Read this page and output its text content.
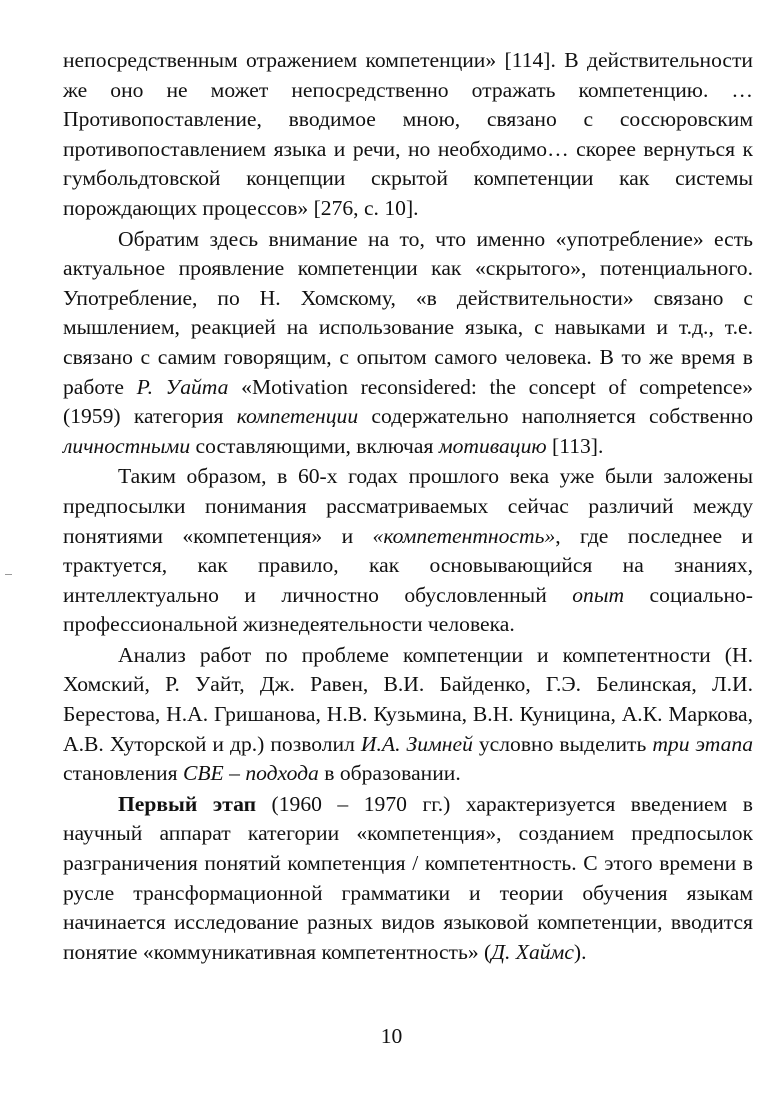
непосредственным отражением компетенции» [114]. В действительности же оно не может непосредственно отражать компетенцию. …Противопоставление, вводимое мною, связано с соссюровским противопоставлением языка и речи, но необходимо… скорее вернуться к гумбольдтовской концепции скрытой компетенции как системы порождающих процессов» [276, с. 10].

Обратим здесь внимание на то, что именно «употребление» есть актуальное проявление компетенции как «скрытого», потенциального. Употребление, по Н. Хомскому, «в действительности» связано с мышлением, реакцией на использование языка, с навыками и т.д., т.е. связано с самим говорящим, с опытом самого человека. В то же время в работе Р. Уайта «Motivation reconsidered: the concept of competence» (1959) категория компетенции содержательно наполняется собственно личностными составляющими, включая мотивацию [113].

Таким образом, в 60-х годах прошлого века уже были заложены предпосылки понимания рассматриваемых сейчас различий между понятиями «компетенция» и «компетентность», где последнее и трактуется, как правило, как основывающийся на знаниях, интеллектуально и личностно обусловленный опыт социально-профессиональной жизнедеятельности человека.

Анализ работ по проблеме компетенции и компетентности (Н. Хомский, Р. Уайт, Дж. Равен, В.И. Байденко, Г.Э. Белинская, Л.И. Берестова, Н.А. Гришанова, Н.В. Кузьмина, В.Н. Куницина, А.К. Маркова, А.В. Хуторской и др.) позволил И.А. Зимней условно выделить три этапа становления СВЕ – подхода в образовании.

Первый этап (1960 – 1970 гг.) характеризуется введением в научный аппарат категории «компетенция», созданием предпосылок разграничения понятий компетенция / компетентность. С этого времени в русле трансформационной грамматики и теории обучения языкам начинается исследование разных видов языковой компетенции, вводится понятие «коммуникативная компетентность» (Д. Хаймс).

10
